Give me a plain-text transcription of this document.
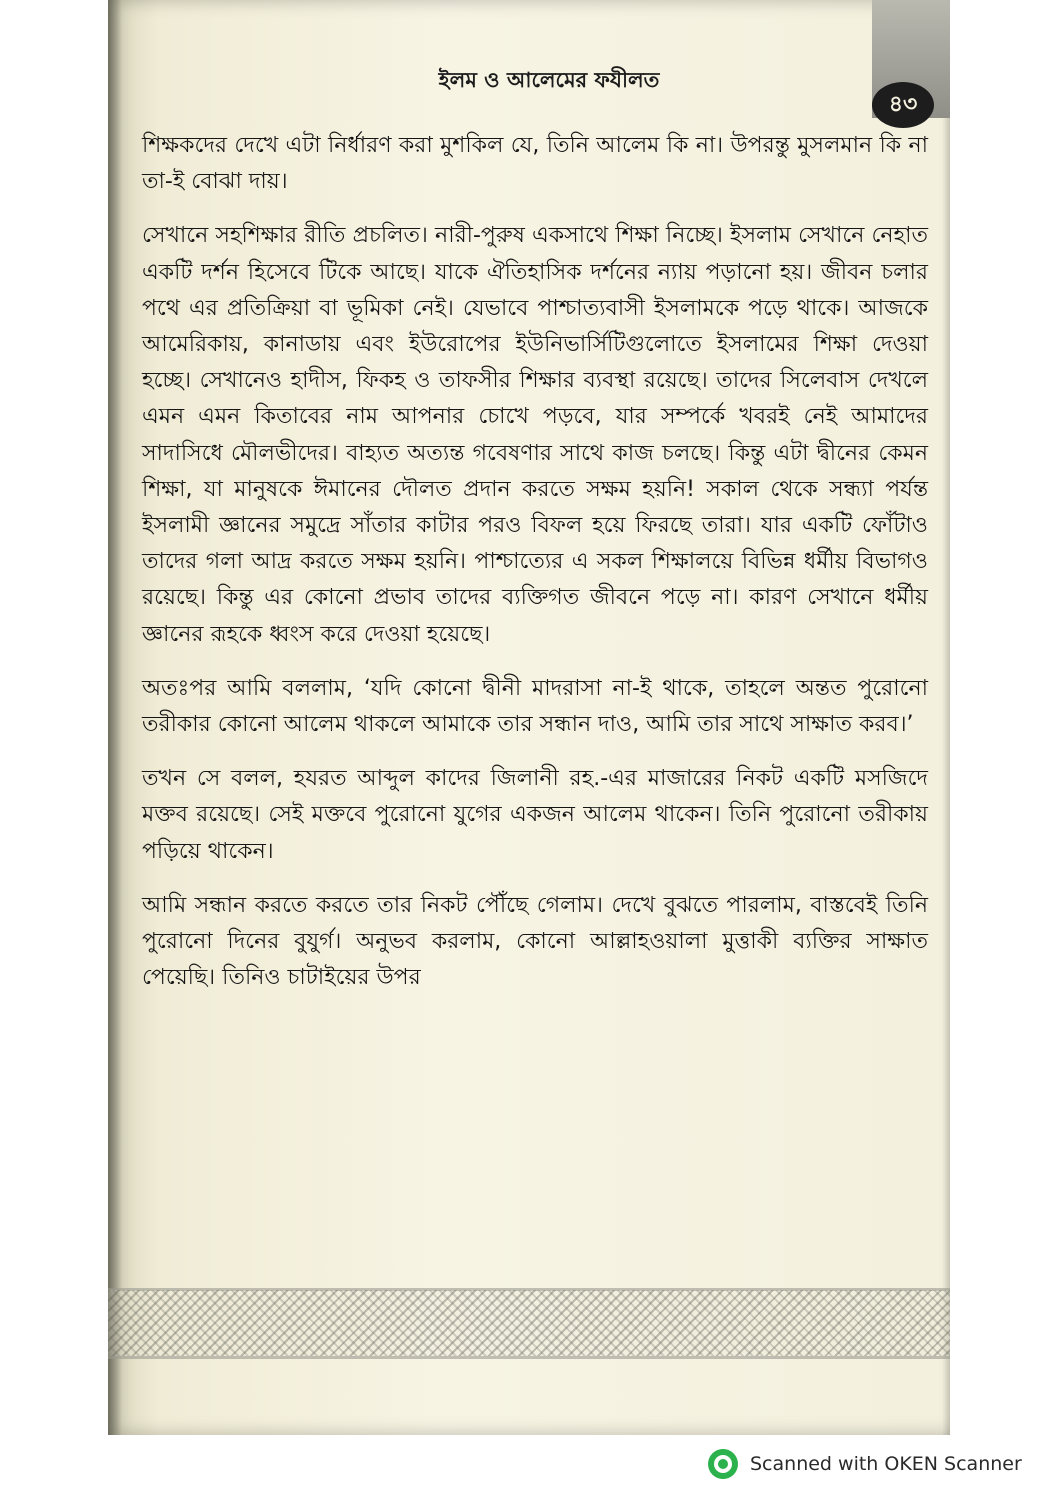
ইলম ও আলেমের ফযীলত
৪৩

শিক্ষকদের দেখে এটা নির্ধারণ করা মুশকিল যে, তিনি আলেম কি না। উপরন্তু মুসলমান কি না তা-ই বোঝা দায়।

সেখানে সহশিক্ষার রীতি প্রচলিত। নারী-পুরুষ একসাথে শিক্ষা নিচ্ছে। ইসলাম সেখানে নেহাত একটি দর্শন হিসেবে টিকে আছে। যাকে ঐতিহাসিক দর্শনের ন্যায় পড়ানো হয়। জীবন চলার পথে এর প্রতিক্রিয়া বা ভূমিকা নেই। যেভাবে পাশ্চাত্যবাসী ইসলামকে পড়ে থাকে। আজকে আমেরিকায়, কানাডায় এবং ইউরোপের ইউনিভার্সিটিগুলোতে ইসলামের শিক্ষা দেওয়া হচ্ছে। সেখানেও হাদীস, ফিকহ ও তাফসীর শিক্ষার ব্যবস্থা রয়েছে। তাদের সিলেবাস দেখলে এমন এমন কিতাবের নাম আপনার চোখে পড়বে, যার সম্পর্কে খবরই নেই আমাদের সাদাসিধে মৌলভীদের। বাহ্যত অত্যন্ত গবেষণার সাথে কাজ চলছে। কিন্তু এটা দ্বীনের কেমন শিক্ষা, যা মানুষকে ঈমানের দৌলত প্রদান করতে সক্ষম হয়নি! সকাল থেকে সন্ধ্যা পর্যন্ত ইসলামী জ্ঞানের সমুদ্রে সাঁতার কাটার পরও বিফল হয়ে ফিরছে তারা। যার একটি ফোঁটাও তাদের গলা আদ্র করতে সক্ষম হয়নি। পাশ্চাত্যের এ সকল শিক্ষালয়ে বিভিন্ন ধর্মীয় বিভাগও রয়েছে। কিন্তু এর কোনো প্রভাব তাদের ব্যক্তিগত জীবনে পড়ে না। কারণ সেখানে ধর্মীয় জ্ঞানের রূহকে ধ্বংস করে দেওয়া হয়েছে।

অতঃপর আমি বললাম, ‘যদি কোনো দ্বীনী মাদরাসা না-ই থাকে, তাহলে অন্তত পুরোনো তরীকার কোনো আলেম থাকলে আমাকে তার সন্ধান দাও, আমি তার সাথে সাক্ষাত করব।’

তখন সে বলল, হযরত আব্দুল কাদের জিলানী রহ.-এর মাজারের নিকট একটি মসজিদে মক্তব রয়েছে। সেই মক্তবে পুরোনো যুগের একজন আলেম থাকেন। তিনি পুরোনো তরীকায় পড়িয়ে থাকেন।

আমি সন্ধান করতে করতে তার নিকট পৌঁছে গেলাম। দেখে বুঝতে পারলাম, বাস্তবেই তিনি পুরোনো দিনের বুযুর্গ। অনুভব করলাম, কোনো আল্লাহওয়ালা মুত্তাকী ব্যক্তির সাক্ষাত পেয়েছি। তিনিও চাটাইয়ের উপর

Scanned with OKEN Scanner
